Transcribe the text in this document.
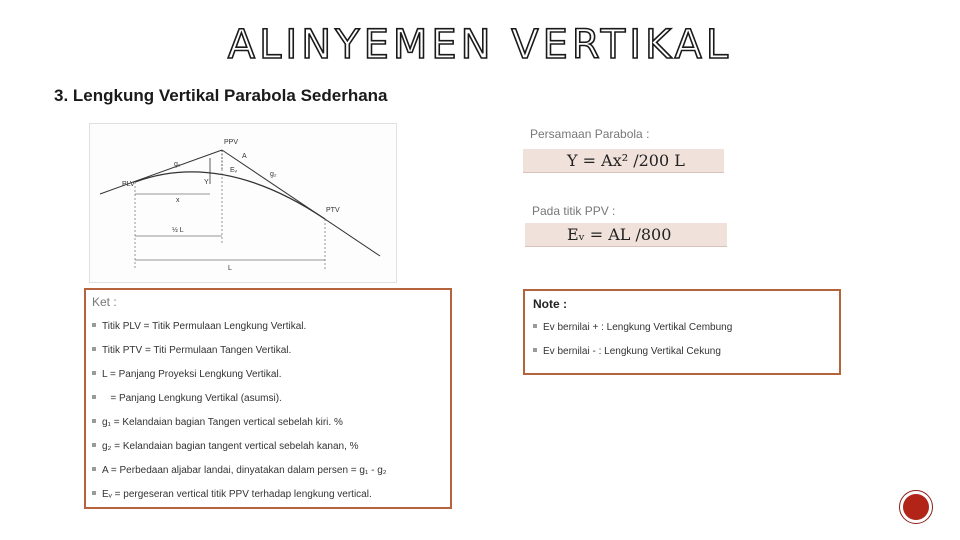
ALINYEMEN VERTIKAL
3. Lengkung Vertikal Parabola Sederhana
PPV
A
g₁
Eᵥ
g₂
PLV	Y
x
PTV
½ L
L
Persamaan Parabola :
Y = Ax² /200 L
Pada titik PPV :
Eᵥ = AL /800
Ket :
Titik PLV = Titik Permulaan Lengkung Vertikal.
Titik PTV = Titi Permulaan Tangen Vertikal.
L = Panjang Proyeksi Lengkung Vertikal.
= Panjang Lengkung Vertikal (asumsi).
g₁ = Kelandaian bagian Tangen vertical sebelah kiri. %
g₂ = Kelandaian bagian tangent vertical sebelah kanan, %
A = Perbedaan aljabar landai, dinyatakan dalam persen = g₁ - g₂
Eᵥ = pergeseran vertical titik PPV terhadap lengkung vertical.
Note :
Ev bernilai + : Lengkung Vertikal Cembung
Ev bernilai - : Lengkung Vertikal Cekung
